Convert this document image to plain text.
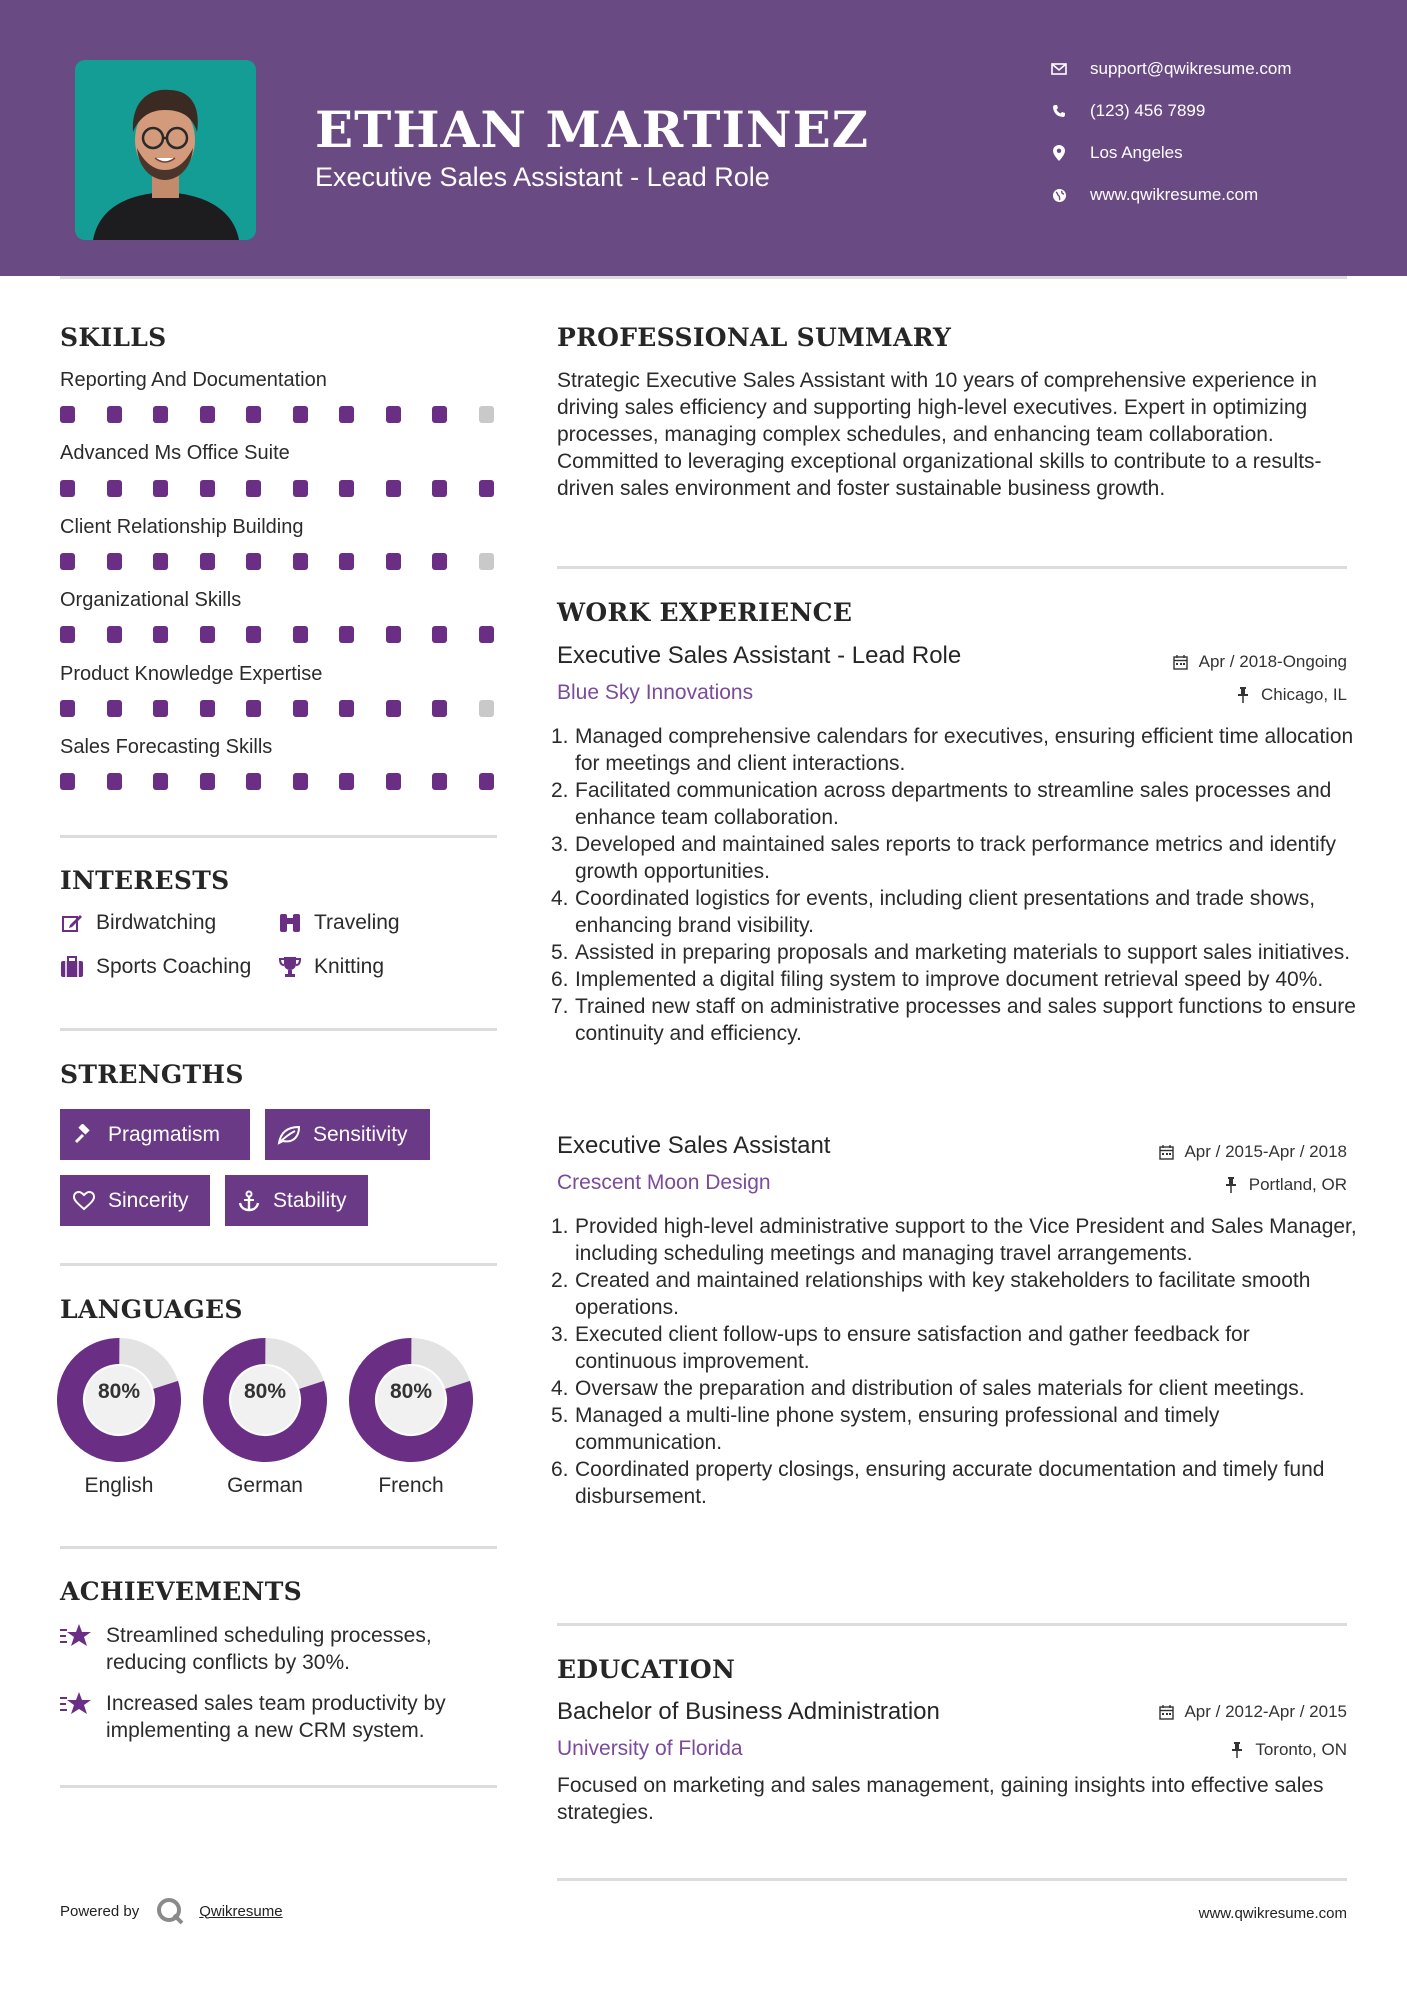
ETHAN MARTINEZ
Executive Sales Assistant - Lead Role
support@qwikresume.com
(123) 456 7899
Los Angeles
www.qwikresume.com
SKILLS
Reporting And Documentation
Advanced Ms Office Suite
Client Relationship Building
Organizational Skills
Product Knowledge Expertise
Sales Forecasting Skills
INTERESTS
Birdwatching	Traveling
Sports Coaching	Knitting
STRENGTHS
Pragmatism	Sensitivity
Sincerity	Stability
LANGUAGES
80%
English
80%
German
80%
French
ACHIEVEMENTS
Streamlined scheduling processes, reducing conflicts by 30%.
Increased sales team productivity by implementing a new CRM system.
PROFESSIONAL SUMMARY
Strategic Executive Sales Assistant with 10 years of comprehensive experience in driving sales efficiency and supporting high-level executives. Expert in optimizing processes, managing complex schedules, and enhancing team collaboration. Committed to leveraging exceptional organizational skills to contribute to a results-driven sales environment and foster sustainable business growth.
WORK EXPERIENCE
Executive Sales Assistant - Lead Role	Apr / 2018-Ongoing
Blue Sky Innovations	Chicago, IL
1. Managed comprehensive calendars for executives, ensuring efficient time allocation for meetings and client interactions.
2. Facilitated communication across departments to streamline sales processes and enhance team collaboration.
3. Developed and maintained sales reports to track performance metrics and identify growth opportunities.
4. Coordinated logistics for events, including client presentations and trade shows, enhancing brand visibility.
5. Assisted in preparing proposals and marketing materials to support sales initiatives.
6. Implemented a digital filing system to improve document retrieval speed by 40%.
7. Trained new staff on administrative processes and sales support functions to ensure continuity and efficiency.
Executive Sales Assistant	Apr / 2015-Apr / 2018
Crescent Moon Design	Portland, OR
1. Provided high-level administrative support to the Vice President and Sales Manager, including scheduling meetings and managing travel arrangements.
2. Created and maintained relationships with key stakeholders to facilitate smooth operations.
3. Executed client follow-ups to ensure satisfaction and gather feedback for continuous improvement.
4. Oversaw the preparation and distribution of sales materials for client meetings.
5. Managed a multi-line phone system, ensuring professional and timely communication.
6. Coordinated property closings, ensuring accurate documentation and timely fund disbursement.
EDUCATION
Bachelor of Business Administration	Apr / 2012-Apr / 2015
University of Florida	Toronto, ON
Focused on marketing and sales management, gaining insights into effective sales strategies.
Powered by	Qwikresume	www.qwikresume.com
